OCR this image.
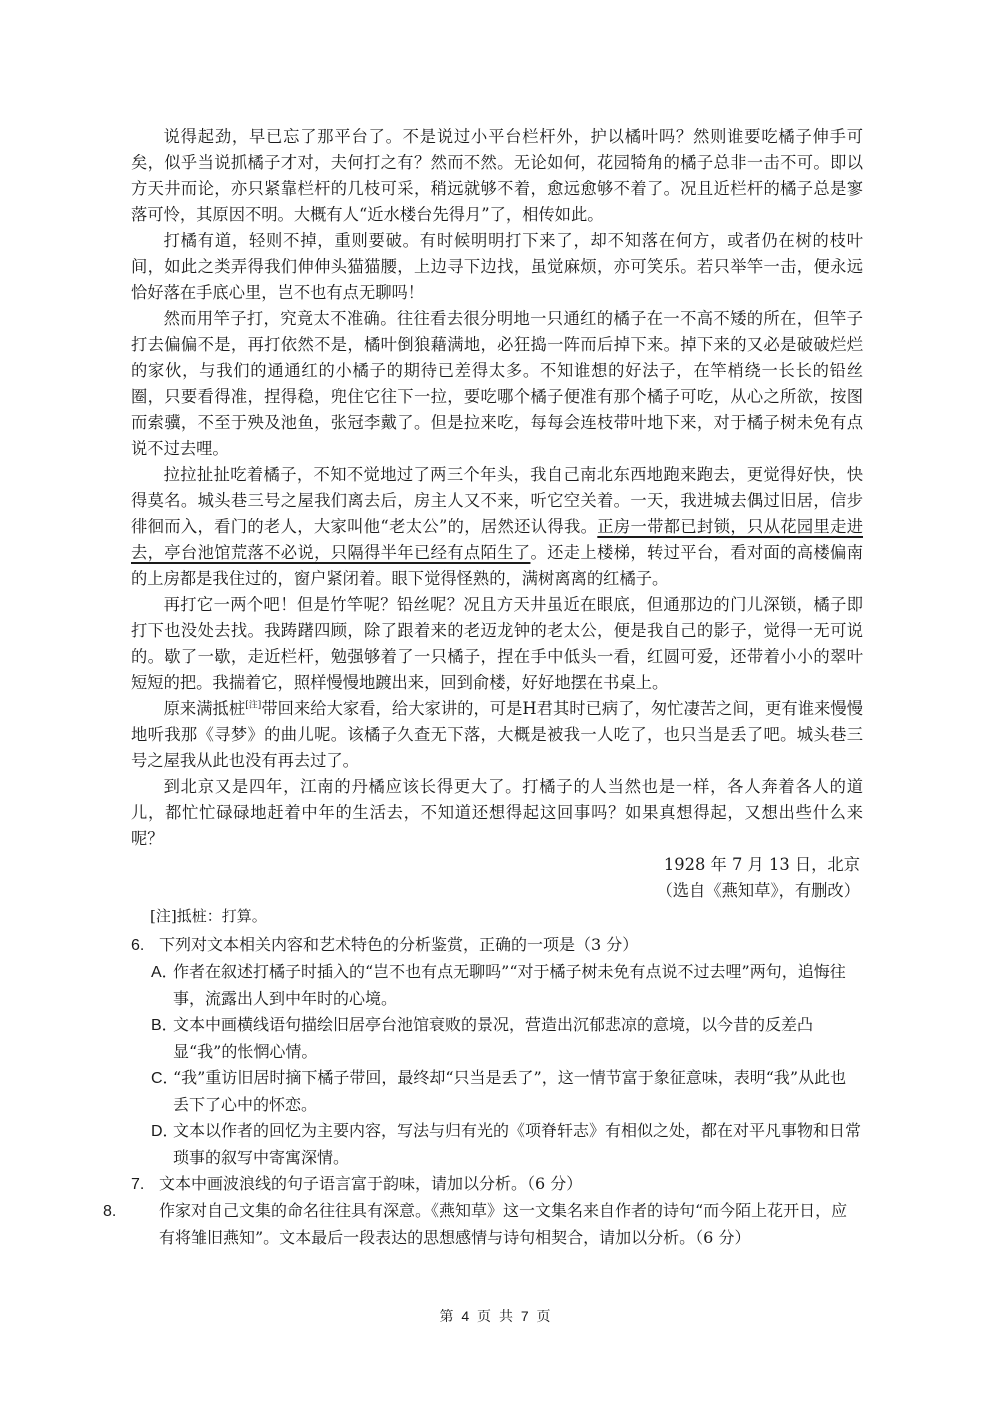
说得起劲，早已忘了那平台了。不是说过小平台栏杆外，护以橘叶吗？然则谁要吃橘子伸手可矣，似乎当说抓橘子才对，夫何打之有？然而不然。无论如何，花园犄角的橘子总非一击不可。即以方天井而论，亦只紧靠栏杆的几枝可采，稍远就够不着，愈远愈够不着了。况且近栏杆的橘子总是寥落可怜，其原因不明。大概有人“近水楼台先得月”了，相传如此。

打橘有道，轻则不掉，重则要破。有时候明明打下来了，却不知落在何方，或者仍在树的枝叶间，如此之类弄得我们伸伸头猫猫腰，上边寻下边找，虽觉麻烦，亦可笑乐。若只举竿一击，便永远恰好落在手底心里，岂不也有点无聊吗！

然而用竿子打，究竟太不准确。往往看去很分明地一只通红的橘子在一不高不矮的所在，但竿子打去偏偏不是，再打依然不是，橘叶倒狼藉满地，必狂捣一阵而后掉下来。掉下来的又必是破破烂烂的家伙，与我们的通通红的小橘子的期待已差得太多。不知谁想的好法子，在竿梢绕一长长的铅丝圈，只要看得准，捏得稳，兜住它往下一拉，要吃哪个橘子便准有那个橘子可吃，从心之所欲，按图而索骥，不至于殃及池鱼，张冠李戴了。但是拉来吃，每每会连枝带叶地下来，对于橘子树未免有点说不过去哩。

拉拉扯扯吃着橘子，不知不觉地过了两三个年头，我自己南北东西地跑来跑去，更觉得好快，快得莫名。城头巷三号之屋我们离去后，房主人又不来，听它空关着。一天，我进城去偶过旧居，信步徘徊而入，看门的老人，大家叫他“老太公”的，居然还认得我。正房一带都已封锁，只从花园里走进去，亭台池馆荒落不必说，只隔得半年已经有点陌生了。还走上楼梯，转过平台，看对面的高楼偏南的上房都是我住过的，窗户紧闭着。眼下觉得怪熟的，满树离离的红橘子。

再打它一两个吧！但是竹竿呢？铅丝呢？况且方天井虽近在眼底，但通那边的门儿深锁，橘子即打下也没处去找。我踌躇四顾，除了跟着来的老迈龙钟的老太公，便是我自己的影子，觉得一无可说的。歇了一歇，走近栏杆，勉强够着了一只橘子，捏在手中低头一看，红圆可爱，还带着小小的翠叶短短的把。我揣着它，照样慢慢地踱出来，回到俞楼，好好地摆在书桌上。

原来满抵桩[注]带回来给大家看，给大家讲的，可是H君其时已病了，匆忙凄苦之间，更有谁来慢慢地听我那《寻梦》的曲儿呢。该橘子久查无下落，大概是被我一人吃了，也只当是丢了吧。城头巷三号之屋我从此也没有再去过了。

到北京又是四年，江南的丹橘应该长得更大了。打橘子的人当然也是一样，各人奔着各人的道儿，都忙忙碌碌地赶着中年的生活去，不知道还想得起这回事吗？如果真想得起，又想出些什么来呢？

1928 年 7 月 13 日，北京
（选自《燕知草》，有删改）
[注]抵桩：打算。

6. 下列对文本相关内容和艺术特色的分析鉴赏，正确的一项是（3 分）

A．作者在叙述打橘子时插入的“岂不也有点无聊吗”“对于橘子树未免有点说不过去哩”两句，追悔往事，流露出人到中年时的心境。

B．文本中画横线语句描绘旧居亭台池馆衰败的景况，营造出沉郁悲凉的意境，以今昔的反差凸显“我”的怅惘心情。

C．“我”重访旧居时摘下橘子带回，最终却“只当是丢了”，这一情节富于象征意味，表明“我”从此也丢下了心中的怀恋。

D．文本以作者的回忆为主要内容，写法与归有光的《项脊轩志》有相似之处，都在对平凡事物和日常琐事的叙写中寄寓深情。

7. 文本中画波浪线的句子语言富于韵味，请加以分析。（6 分）

8.	作家对自己文集的命名往往具有深意。《燕知草》这一文集名来自作者的诗句“而今陌上花开日，应有将雏旧燕知”。文本最后一段表达的思想感情与诗句相契合，请加以分析。（6 分）

第 4 页 共 7 页
